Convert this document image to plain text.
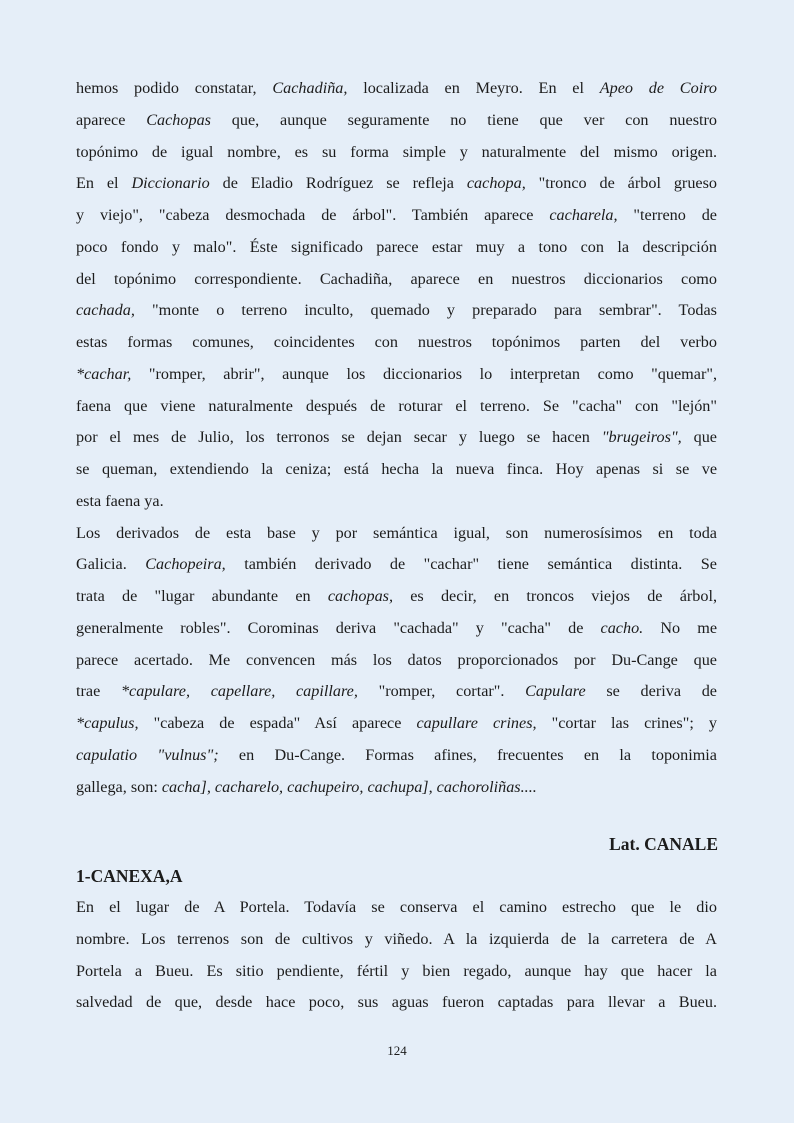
hemos podido constatar, Cachadiña, localizada en Meyro. En el Apeo de Coiro
aparece Cachopas que, aunque seguramente no tiene que ver con nuestro
topónimo de igual nombre, es su forma simple y naturalmente del mismo origen.
En el Diccionario de Eladio Rodríguez se refleja cachopa, "tronco de árbol grueso
y viejo", "cabeza desmochada de árbol". También aparece cacharela, "terreno de
poco fondo y malo". Éste significado parece estar muy a tono con la descripción
del topónimo correspondiente. Cachadiña, aparece en nuestros diccionarios como
cachada, "monte o terreno inculto, quemado y preparado para sembrar". Todas
estas formas comunes, coincidentes con nuestros topónimos parten del verbo
*cachar, "romper, abrir", aunque los diccionarios lo interpretan como "quemar",
faena que viene naturalmente después de roturar el terreno. Se "cacha" con "lejón"
por el mes de Julio, los terronos se dejan secar y luego se hacen "brugeiros", que
se queman, extendiendo la ceniza; está hecha la nueva finca. Hoy apenas si se ve
esta faena ya.
Los derivados de esta base y por semántica igual, son numerosísimos en toda
Galicia. Cachopeira, también derivado de "cachar" tiene semántica distinta. Se
trata de "lugar abundante en cachopas, es decir, en troncos viejos de árbol,
generalmente robles". Corominas deriva "cachada" y "cacha" de cacho. No me
parece acertado. Me convencen más los datos proporcionados por Du-Cange que
trae *capulare, capellare, capillare, "romper, cortar". Capulare se deriva de
*capulus, "cabeza de espada" Así aparece capullare crines, "cortar las crines"; y
capulatio "vulnus"; en Du-Cange. Formas afines, frecuentes en la toponimia
gallega, son: cacha], cacharelo, cachupeiro, cachupa], cachoroliñas....
Lat. CANALE
1-CANEXA,A
En el lugar de A Portela. Todavía se conserva el camino estrecho que le dio
nombre. Los terrenos son de cultivos y viñedo. A la izquierda de la carretera de A
Portela a Bueu. Es sitio pendiente, fértil y bien regado, aunque hay que hacer la
salvedad de que, desde hace poco, sus aguas fueron captadas para llevar a Bueu.
124
